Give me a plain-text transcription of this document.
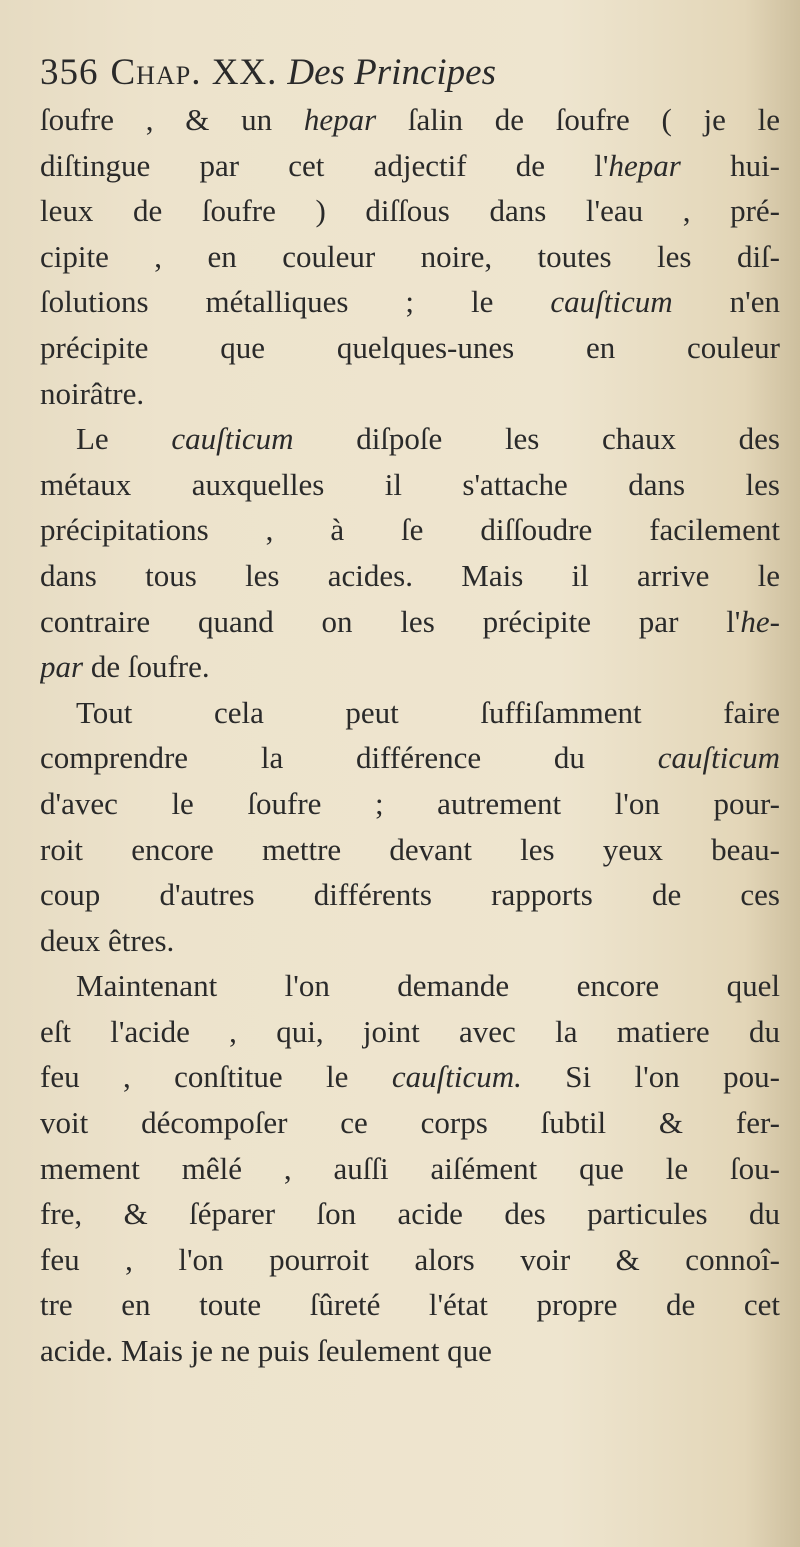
356 Chap. XX. Des Principes
ſoufre , & un hepar ſalin de ſoufre ( je le
diſtingue par cet adjectif de l'hepar hui-
leux de ſoufre ) diſſous dans l'eau , pré-
cipite , en couleur noire, toutes les diſ-
ſolutions métalliques ; le cauſticum n'en
précipite que quelques-unes en couleur
noirâtre.
Le cauſticum diſpoſe les chaux des
métaux auxquelles il s'attache dans les
précipitations , à ſe diſſoudre facilement
dans tous les acides. Mais il arrive le
contraire quand on les précipite par l'he-
par de ſoufre.
Tout cela peut ſuffiſamment faire
comprendre la différence du cauſticum
d'avec le ſoufre ; autrement l'on pour-
roit encore mettre devant les yeux beau-
coup d'autres différents rapports de ces
deux êtres.
Maintenant l'on demande encore quel
eſt l'acide , qui, joint avec la matiere du
feu , conſtitue le cauſticum. Si l'on pou-
voit décompoſer ce corps ſubtil & fer-
mement mêlé , auſſi aiſément que le ſou-
fre, & ſéparer ſon acide des particules du
feu , l'on pourroit alors voir & connoî-
tre en toute ſûreté l'état propre de cet
acide. Mais je ne puis ſeulement que
